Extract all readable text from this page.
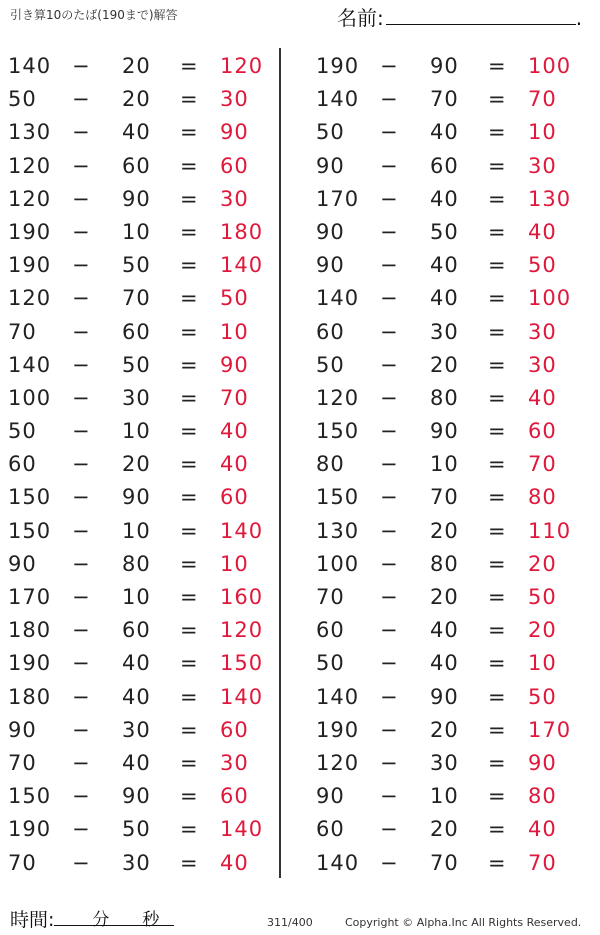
引き算10のたば(190まで)解答	名前:	.
140 − 20 = 120
50 − 20 = 30
130 − 40 = 90
120 − 60 = 60
120 − 90 = 30
190 − 10 = 180
190 − 50 = 140
120 − 70 = 50
70 − 60 = 10
140 − 50 = 90
100 − 30 = 70
50 − 10 = 40
60 − 20 = 40
150 − 90 = 60
150 − 10 = 140
90 − 80 = 10
170 − 10 = 160
180 − 60 = 120
190 − 40 = 150
180 − 40 = 140
90 − 30 = 60
70 − 40 = 30
150 − 90 = 60
190 − 50 = 140
70 − 30 = 40
190 − 90 = 100
140 − 70 = 70
50 − 40 = 10
90 − 60 = 30
170 − 40 = 130
90 − 50 = 40
90 − 40 = 50
140 − 40 = 100
60 − 30 = 30
50 − 20 = 30
120 − 80 = 40
150 − 90 = 60
80 − 10 = 70
150 − 70 = 80
130 − 20 = 110
100 − 80 = 20
70 − 20 = 50
60 − 40 = 20
50 − 40 = 10
140 − 90 = 50
190 − 20 = 170
120 − 30 = 90
90 − 10 = 80
60 − 20 = 40
140 − 70 = 70
時間: 分 秒	311/400	Copyright © Alpha.Inc All Rights Reserved.
